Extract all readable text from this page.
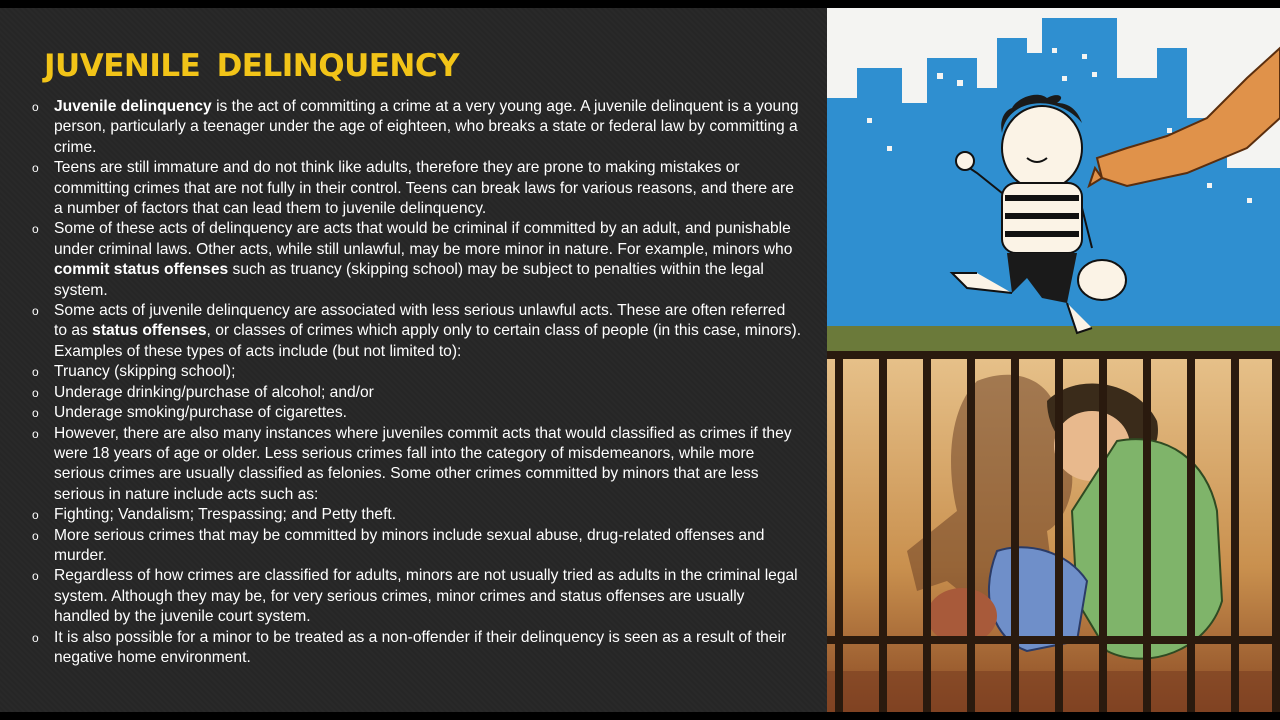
JUVENILE DELINQUENCY
o Juvenile delinquency is the act of committing a crime at a very young age. A juvenile delinquent is a young person, particularly a teenager under the age of eighteen, who breaks a state or federal law by committing a crime.
o Teens are still immature and do not think like adults, therefore they are prone to making mistakes or committing crimes that are not fully in their control. Teens can break laws for various reasons, and there are a number of factors that can lead them to juvenile delinquency.
o Some of these acts of delinquency are acts that would be criminal if committed by an adult, and punishable under criminal laws. Other acts, while still unlawful, may be more minor in nature. For example, minors who commit status offenses such as truancy (skipping school) may be subject to penalties within the legal system.
o Some acts of juvenile delinquency are associated with less serious unlawful acts. These are often referred to as status offenses, or classes of crimes which apply only to certain class of people (in this case, minors). Examples of these types of acts include (but not limited to):
o Truancy (skipping school);
o Underage drinking/purchase of alcohol; and/or
o Underage smoking/purchase of cigarettes.
o However, there are also many instances where juveniles commit acts that would classified as crimes if they were 18 years of age or older. Less serious crimes fall into the category of misdemeanors, while more serious crimes are usually classified as felonies. Some other crimes committed by minors that are less serious in nature include acts such as:
o Fighting; Vandalism; Trespassing; and Petty theft.
o More serious crimes that may be committed by minors include sexual abuse, drug-related offenses and murder.
o Regardless of how crimes are classified for adults, minors are not usually tried as adults in the criminal legal system. Although they may be, for very serious crimes, minor crimes and status offenses are usually handled by the juvenile court system.
o It is also possible for a minor to be treated as a non-offender if their delinquency is seen as a result of their negative home environment.
